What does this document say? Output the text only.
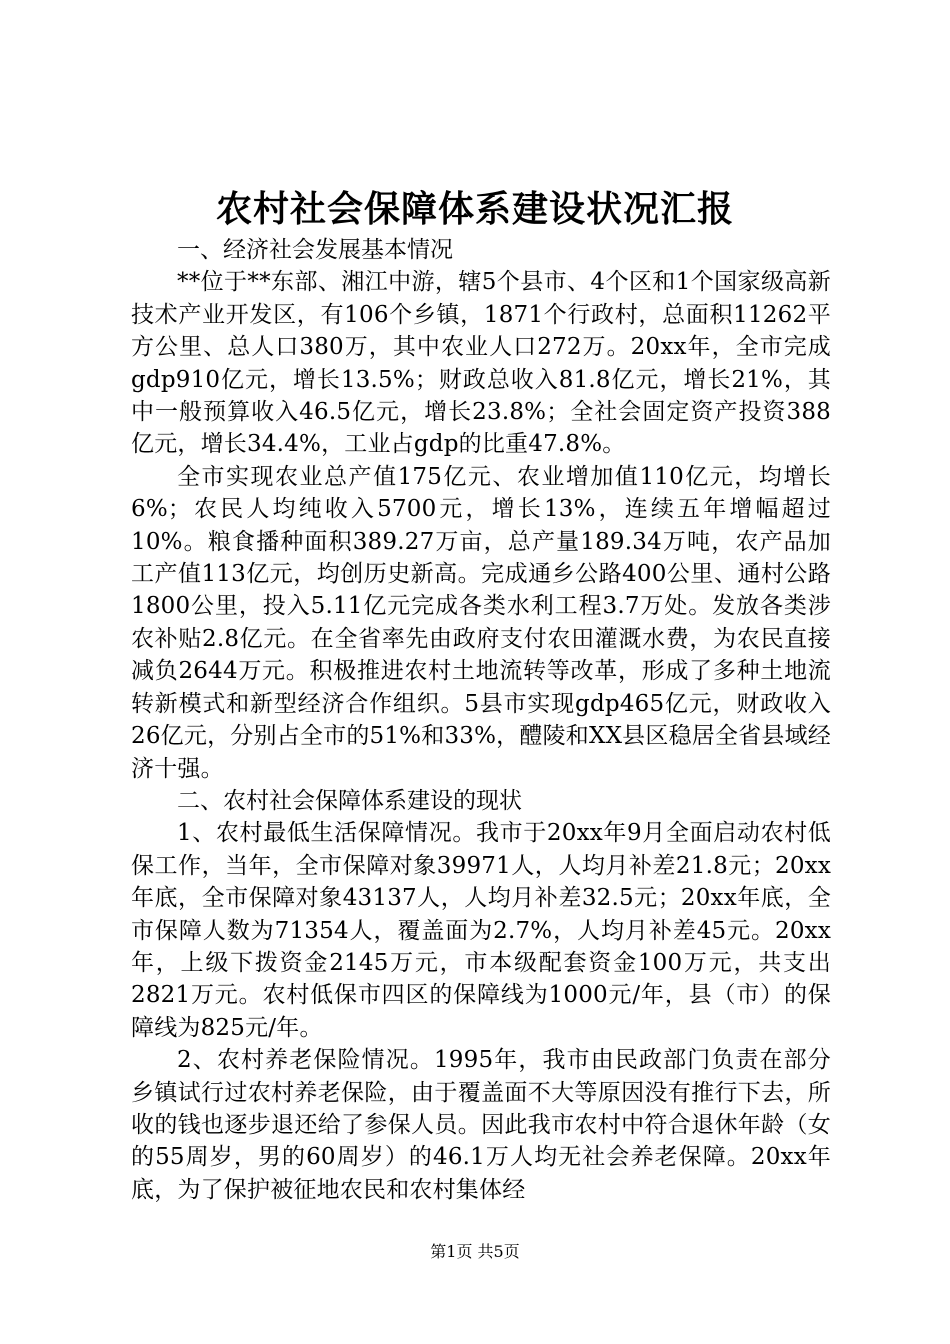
农村社会保障体系建设状况汇报

一、经济社会发展基本情况

**位于**东部、湘江中游，辖5个县市、4个区和1个国家级高新技术产业开发区，有106个乡镇，1871个行政村，总面积11262平方公里、总人口380万，其中农业人口272万。20xx年，全市完成gdp910亿元，增长13.5%；财政总收入81.8亿元，增长21%，其中一般预算收入46.5亿元，增长23.8%；全社会固定资产投资388亿元，增长34.4%，工业占gdp的比重47.8%。

全市实现农业总产值175亿元、农业增加值110亿元，均增长6%；农民人均纯收入5700元，增长13%，连续五年增幅超过10%。粮食播种面积389.27万亩，总产量189.34万吨，农产品加工产值113亿元，均创历史新高。完成通乡公路400公里、通村公路1800公里，投入5.11亿元完成各类水利工程3.7万处。发放各类涉农补贴2.8亿元。在全省率先由政府支付农田灌溉水费，为农民直接减负2644万元。积极推进农村土地流转等改革，形成了多种土地流转新模式和新型经济合作组织。5县市实现gdp465亿元，财政收入26亿元，分别占全市的51%和33%，醴陵和XX县区稳居全省县域经济十强。

二、农村社会保障体系建设的现状

1、农村最低生活保障情况。我市于20xx年9月全面启动农村低保工作，当年，全市保障对象39971人，人均月补差21.8元；20xx年底，全市保障对象43137人，人均月补差32.5元；20xx年底，全市保障人数为71354人，覆盖面为2.7%，人均月补差45元。20xx年，上级下拨资金2145万元，市本级配套资金100万元，共支出2821万元。农村低保市四区的保障线为1000元/年，县（市）的保障线为825元/年。

2、农村养老保险情况。1995年，我市由民政部门负责在部分乡镇试行过农村养老保险，由于覆盖面不大等原因没有推行下去，所收的钱也逐步退还给了参保人员。因此我市农村中符合退休年龄（女的55周岁，男的60周岁）的46.1万人均无社会养老保障。20xx年底，为了保护被征地农民和农村集体经

第1页 共5页
